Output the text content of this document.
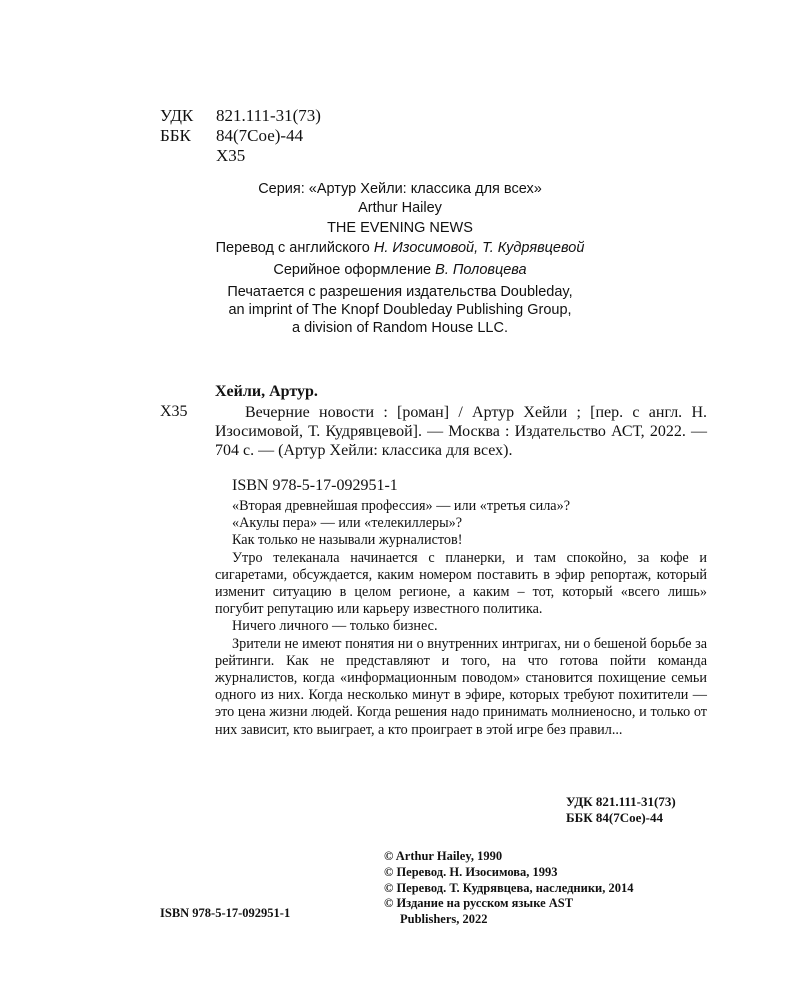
УДК 821.111-31(73)
ББК 84(7Сое)-44
Х35

Серия: «Артур Хейли: классика для всех»

Arthur Hailey

THE EVENING NEWS

Перевод с английского Н. Изосимовой, Т. Кудрявцевой

Серийное оформление В. Половцева

Печатается с разрешения издательства Doubleday,

an imprint of The Knopf Doubleday Publishing Group,

a division of Random House LLC.

Хейли, Артур.
Х35	Вечерние новости : [роман] / Артур Хейли ; [пер. с англ. Н. Изосимовой, Т. Кудрявцевой]. — Москва : Издательство АСТ, 2022. — 704 с. — (Артур Хейли: классика для всех).
ISBN 978-5-17-092951-1

«Вторая древнейшая профессия» — или «третья сила»?

«Акулы пера» — или «телекиллеры»?

Как только не называли журналистов!

Утро телеканала начинается с планерки, и там спокойно, за кофе и сигаретами, обсуждается, каким номером поставить в эфир репортаж, который изменит ситуацию в целом регионе, а каким – тот, который «всего лишь» погубит репутацию или карьеру известного политика.

Ничего личного — только бизнес.

Зрители не имеют понятия ни о внутренних интригах, ни о бешеной борьбе за рейтинги. Как не представляют и того, на что готова пойти команда журналистов, когда «информационным поводом» становится похищение семьи одного из них. Когда несколько минут в эфире, которых требуют похитители — это цена жизни людей. Когда решения надо принимать молниеносно, и только от них зависит, кто выиграет, а кто проиграет в этой игре без правил...

УДК 821.111-31(73)
ББК 84(7Сое)-44
© Arthur Hailey, 1990
© Перевод. Н. Изосимова, 1993
© Перевод. Т. Кудрявцева, наследники, 2014
© Издание на русском языке AST Publishers, 2022
ISBN 978-5-17-092951-1
